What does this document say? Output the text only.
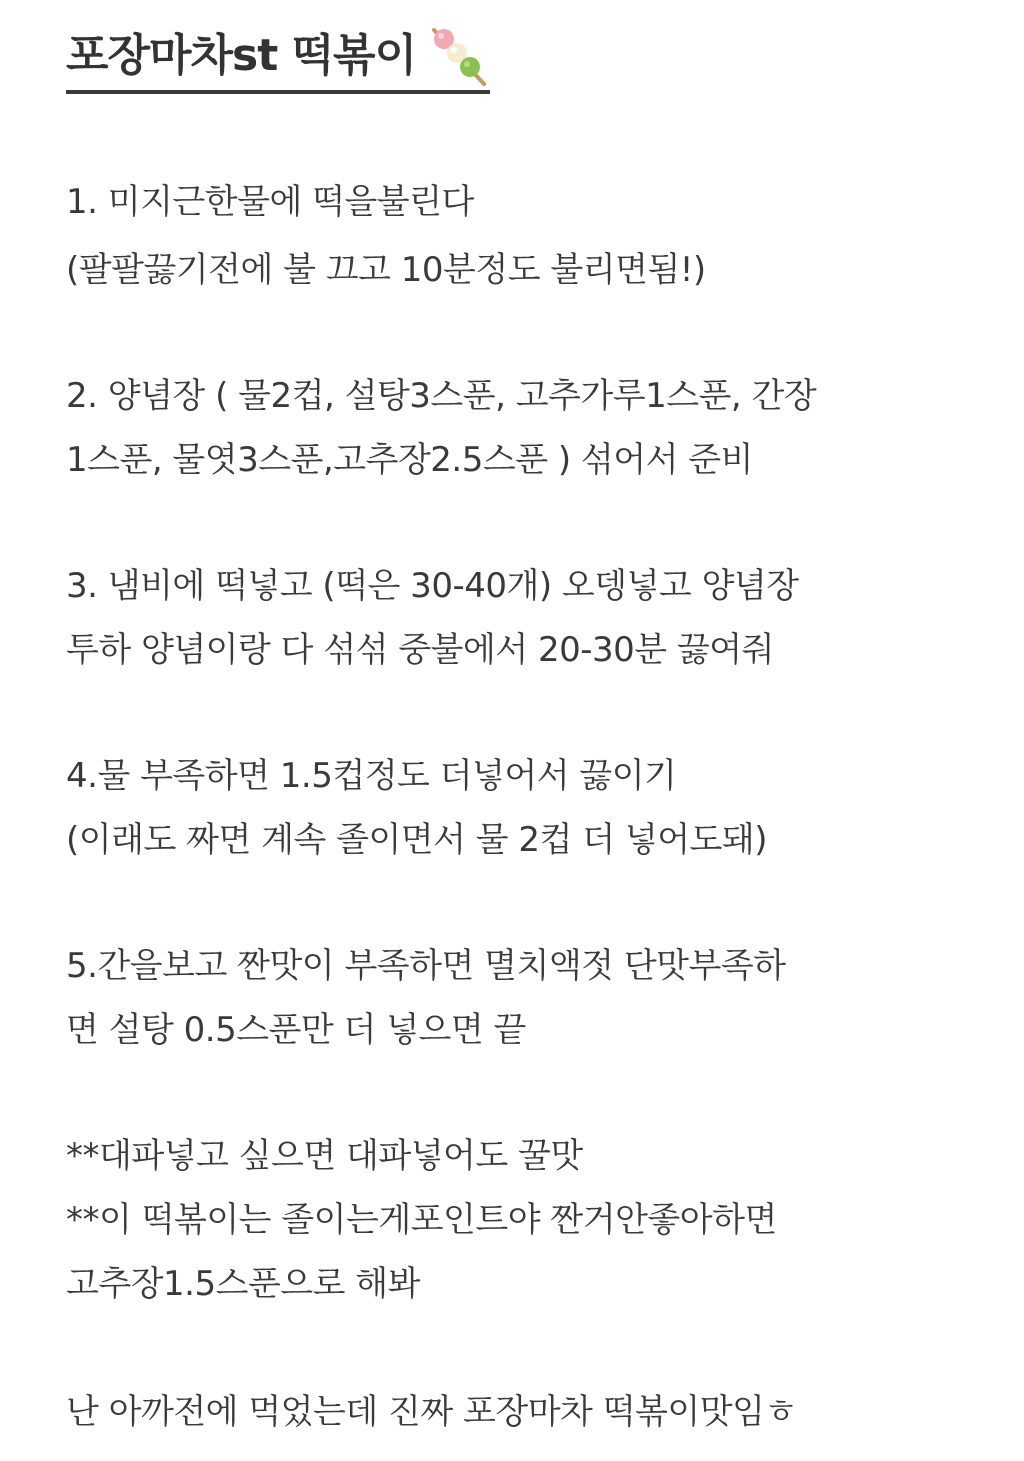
포장마차st 떡볶이
1. 미지근한물에 떡을불린다
(팔팔끓기전에 불 끄고 10분정도 불리면됨!)
2. 양념장 ( 물2컵, 설탕3스푼, 고추가루1스푼, 간장
1스푼, 물엿3스푼,고추장2.5스푼 ) 섞어서 준비
3. 냄비에 떡넣고 (떡은 30-40개) 오뎅넣고 양념장
투하 양념이랑 다 섞섞 중불에서 20-30분 끓여줘
4.물 부족하면 1.5컵정도 더넣어서 끓이기
(이래도 짜면 계속 졸이면서 물 2컵 더 넣어도돼)
5.간을보고 짠맛이 부족하면 멸치액젓 단맛부족하
면 설탕 0.5스푼만 더 넣으면 끝
**대파넣고 싶으면 대파넣어도 꿀맛
**이 떡볶이는 졸이는게포인트야 짠거안좋아하면
고추장1.5스푼으로 해봐
난 아까전에 먹었는데 진짜 포장마차 떡볶이맛임ㅎ
